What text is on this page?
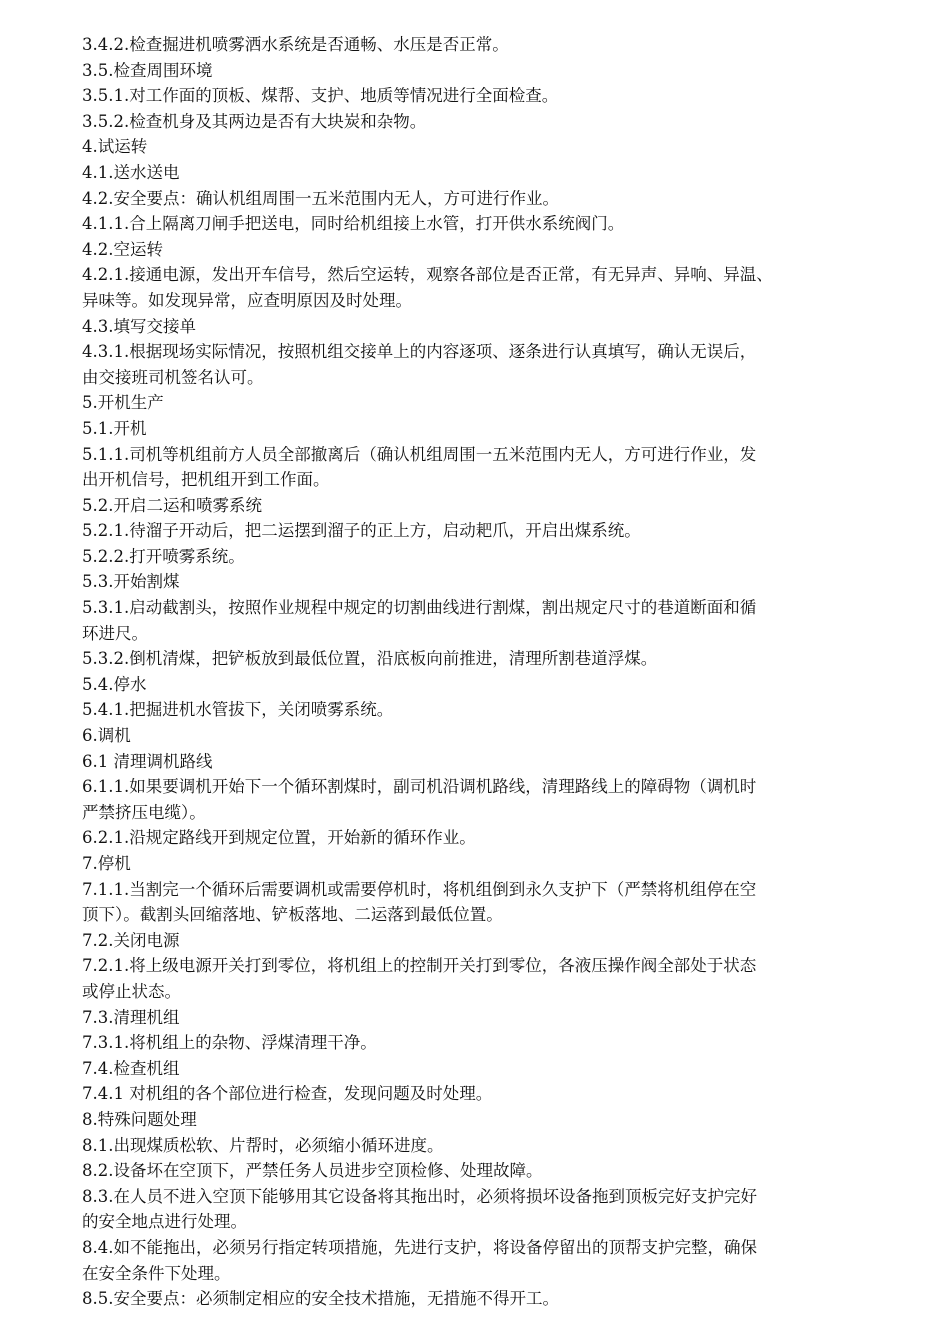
3.4.2.检查掘进机喷雾洒水系统是否通畅、水压是否正常。
3.5.检查周围环境
3.5.1.对工作面的顶板、煤帮、支护、地质等情况进行全面检查。
3.5.2.检查机身及其两边是否有大块炭和杂物。
4.试运转
4.1.送水送电
4.2.安全要点：确认机组周围一五米范围内无人，方可进行作业。
4.1.1.合上隔离刀闸手把送电，同时给机组接上水管，打开供水系统阀门。
4.2.空运转
4.2.1.接通电源，发出开车信号，然后空运转，观察各部位是否正常，有无异声、异响、异温、
异味等。如发现异常，应查明原因及时处理。
4.3.填写交接单
4.3.1.根据现场实际情况，按照机组交接单上的内容逐项、逐条进行认真填写，确认无误后，
由交接班司机签名认可。
5.开机生产
5.1.开机
5.1.1.司机等机组前方人员全部撤离后（确认机组周围一五米范围内无人，方可进行作业，发
出开机信号，把机组开到工作面。
5.2.开启二运和喷雾系统
5.2.1.待溜子开动后，把二运摆到溜子的正上方，启动耙爪，开启出煤系统。
5.2.2.打开喷雾系统。
5.3.开始割煤
5.3.1.启动截割头，按照作业规程中规定的切割曲线进行割煤，割出规定尺寸的巷道断面和循
环进尺。
5.3.2.倒机清煤，把铲板放到最低位置，沿底板向前推进，清理所割巷道浮煤。
5.4.停水
5.4.1.把掘进机水管拔下，关闭喷雾系统。
6.调机
6.1 清理调机路线
6.1.1.如果要调机开始下一个循环割煤时，副司机沿调机路线，清理路线上的障碍物（调机时
严禁挤压电缆）。
6.2.1.沿规定路线开到规定位置，开始新的循环作业。
7.停机
7.1.1.当割完一个循环后需要调机或需要停机时，将机组倒到永久支护下（严禁将机组停在空
顶下）。截割头回缩落地、铲板落地、二运落到最低位置。
7.2.关闭电源
7.2.1.将上级电源开关打到零位，将机组上的控制开关打到零位，各液压操作阀全部处于状态
或停止状态。
7.3.清理机组
7.3.1.将机组上的杂物、浮煤清理干净。
7.4.检查机组
7.4.1 对机组的各个部位进行检查，发现问题及时处理。
8.特殊问题处理
8.1.出现煤质松软、片帮时，必须缩小循环进度。
8.2.设备坏在空顶下，严禁任务人员进步空顶检修、处理故障。
8.3.在人员不进入空顶下能够用其它设备将其拖出时，必须将损坏设备拖到顶板完好支护完好
的安全地点进行处理。
8.4.如不能拖出，必须另行指定转项措施，先进行支护，将设备停留出的顶帮支护完整，确保
在安全条件下处理。
8.5.安全要点：必须制定相应的安全技术措施，无措施不得开工。
